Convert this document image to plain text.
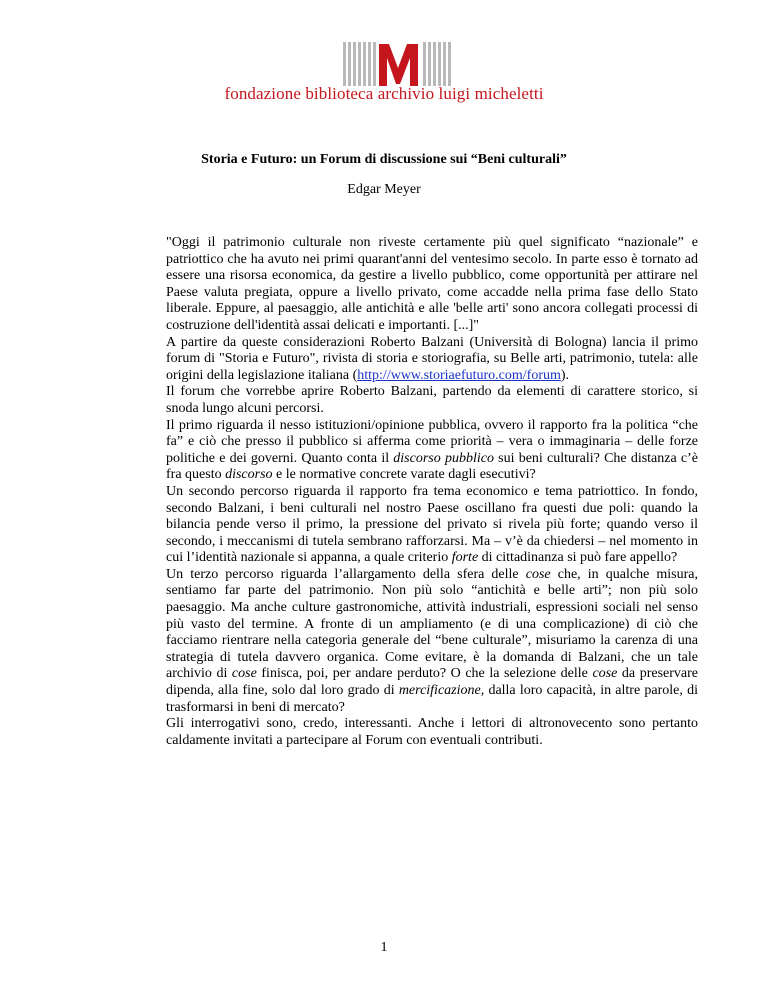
fondazione biblioteca archivio luigi micheletti
Storia e Futuro: un Forum di discussione sui “Beni culturali”
Edgar Meyer

"Oggi il patrimonio culturale non riveste certamente più quel significato “nazionale” e patriottico che ha avuto nei primi quarant'anni del ventesimo secolo. In parte esso è tornato ad essere una risorsa economica, da gestire a livello pubblico, come opportunità per attirare nel Paese valuta pregiata, oppure a livello privato, come accadde nella prima fase dello Stato liberale. Eppure, al paesaggio, alle antichità e alle 'belle arti' sono ancora collegati processi di costruzione dell'identità assai delicati e importanti. [...]"

A partire da queste considerazioni Roberto Balzani (Università di Bologna) lancia il primo forum di "Storia e Futuro", rivista di storia e storiografia, su Belle arti, patrimonio, tutela: alle origini della legislazione italiana (http://www.storiaefuturo.com/forum).

Il forum che vorrebbe aprire Roberto Balzani, partendo da elementi di carattere storico, si snoda lungo alcuni percorsi.

Il primo riguarda il nesso istituzioni/opinione pubblica, ovvero il rapporto fra la politica “che fa” e ciò che presso il pubblico si afferma come priorità – vera o immaginaria – delle forze politiche e dei governi. Quanto conta il discorso pubblico sui beni culturali? Che distanza c’è fra questo discorso e le normative concrete varate dagli esecutivi?

Un secondo percorso riguarda il rapporto fra tema economico e tema patriottico. In fondo, secondo Balzani, i beni culturali nel nostro Paese oscillano fra questi due poli: quando la bilancia pende verso il primo, la pressione del privato si rivela più forte; quando verso il secondo, i meccanismi di tutela sembrano rafforzarsi. Ma – v’è da chiedersi – nel momento in cui l’identità nazionale si appanna, a quale criterio forte di cittadinanza si può fare appello?

Un terzo percorso riguarda l’allargamento della sfera delle cose che, in qualche misura, sentiamo far parte del patrimonio. Non più solo “antichità e belle arti”; non più solo paesaggio. Ma anche culture gastronomiche, attività industriali, espressioni sociali nel senso più vasto del termine. A fronte di un ampliamento (e di una complicazione) di ciò che facciamo rientrare nella categoria generale del “bene culturale”, misuriamo la carenza di una strategia di tutela davvero organica. Come evitare, è la domanda di Balzani, che un tale archivio di cose finisca, poi, per andare perduto? O che la selezione delle cose da preservare dipenda, alla fine, solo dal loro grado di mercificazione, dalla loro capacità, in altre parole, di trasformarsi in beni di mercato?

Gli interrogativi sono, credo, interessanti. Anche i lettori di altronovecento sono pertanto caldamente invitati a partecipare al Forum con eventuali contributi.

1
